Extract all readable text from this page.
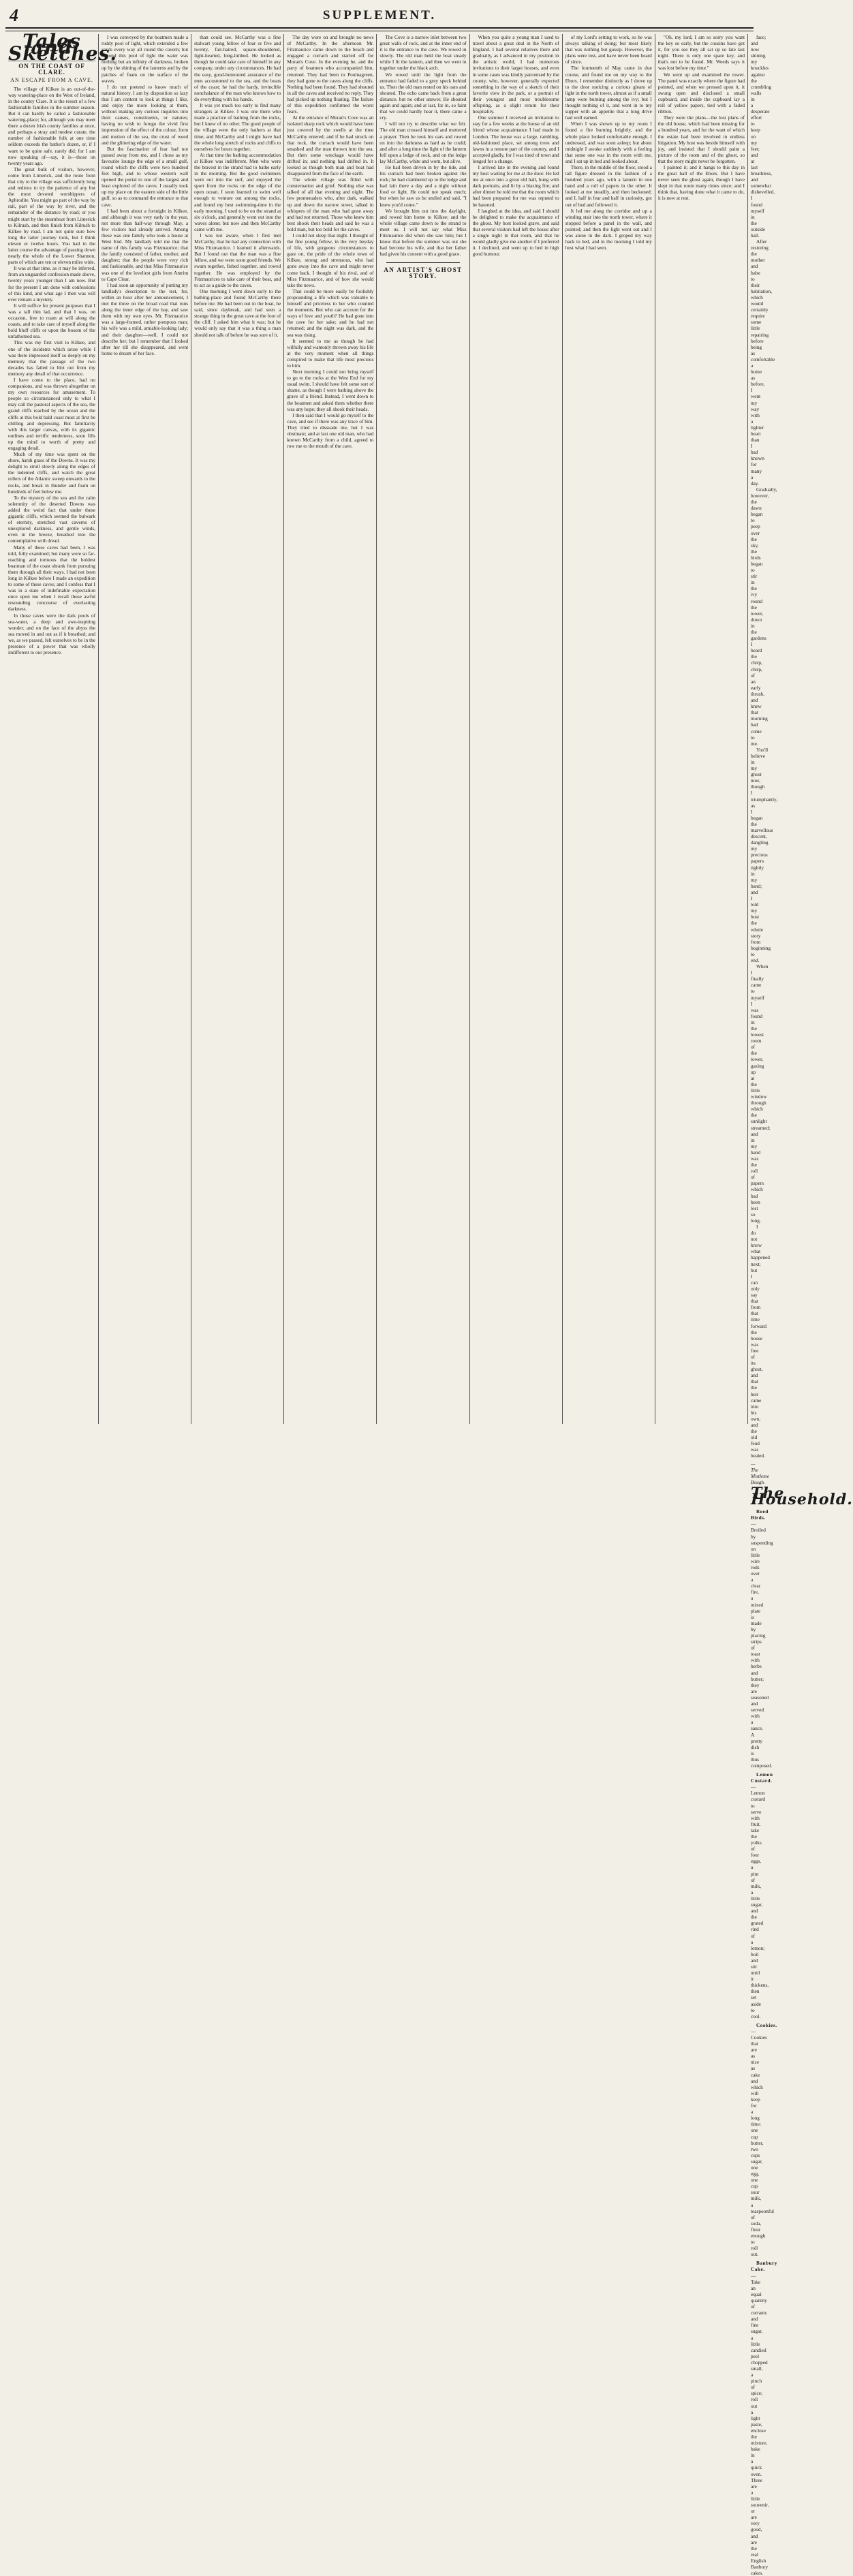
4	SUPPLEMENT.
Tales and Sketches.
ON THE COAST OF CLARE.
AN ESCAPE FROM A CAVE.

The village of Kilkee is an out-of-the-way watering-place on the West of Ireland, in the county Clare. It is the resort of a few fashionable families in the summer season. But it can hardly be called a fashionable watering-place; for, although you may meet there a dozen Irish county families at once, and perhaps a stray and modest curate, the number of fashionable folk at one time seldom exceeds the bather's dozen, or, if I want to be quite safe, rarely did; for I am now speaking of—say, it is—those on twenty years ago.

The great bulk of visitors, however, come from Limerick, and the route from that city to the village was sufficiently long and tedious to try the patience of any but the most devoted worshippers of Aphrodite. You might go part of the way by rail, part of the way by river, and the remainder of the distance by road; or you might start by the steamboat from Limerick to Kilrush, and then finish from Kilrush to Kilkee by road. I am not quite sure how long the latter journey took, but I think eleven or twelve hours. You had in the latter course the advantage of passing down nearly the whole of the Lower Shannon, parts of which are ten or eleven miles wide.

It was at that time, as it may be inferred, from an unguarded confession made above, twenty years younger than I am now. But for the present I am done with confessions of this kind, and what age I then was will ever remain a mystery.

It will suffice for present purposes that I was a tall thin lad, and that I was, on occasion, free to roam at will along the coasts, and to take care of myself along the bold bluff cliffs or upon the bosom of the unfathomed sea.

This was my first visit to Kilkee, and one of the incidents which arose while I was there impressed itself so deeply on my memory that the passage of the two decades has failed to blot out from my memory any detail of that occurrence.

I have come to the place, had no companions, and was thrown altogether on my own resources for amusement. To people so circumstanced only to what I may call the pastoral aspects of the sea, the grand cliffs reached by the ocean and the cliffs at this bold bald coast must at first be chilling and depressing. But familiarity with this larger canvas, with its gigantic outlines and terrific tenderness, soon fills up the mind to worth of pretty and engaging detail.

Much of my time was spent on the shore, harsh grass of the Downs. It was my delight to stroll slowly along the edges of the indented cliffs, and watch the great rollers of the Atlantic sweep onwards to the rocks, and break in thunder and foam on hundreds of feet below me.

To the mystery of the sea and the calm solemnity of the deserted Downs was added the weird fact that under these gigantic cliffs, which seemed the bulwark of eternity, stretched vast caverns of unexplored darkness, and gentle winds, even in the breeze, breathed into the contemplative with dread.

Many of these caves had been, I was told, fully examined; but many were so far-reaching and tortuous that the boldest boatman of the coast shrank from pursuing them through all their ways. I had not been long in Kilkee before I made an expedition to some of these caves; and I confess that I was in a state of indefinable expectation once upon me when I recall those awful resounding concourse of everlasting darkness.

In those caves were the dark pools of sea-water, a deep and awe-inspiring wonder; and on the face of the abyss the sea moved in and out as if it breathed; and we, as we passed, felt ourselves to be in the presence of a power that was wholly indifferent to our presence.

I was conveyed by the boatmen made a ruddy pool of light, which extended a few yards every way all round the cavern; but beyond this pool of light the water was nothing but an infinity of darkness, broken up by the shining of the lanterns and by the patches of foam on the surface of the waves.

I do not pretend to know much of natural history. I am by disposition so lazy that I am content to look at things I like, and enjoy the more looking at them, without making any curious inquiries into their causes, constituents, or natures; having no wish to forego the vivid first impression of the effect of the colour, form and motion of the sea, the crust of weed and the glittering edge of the water.

But the fascination of fear had not passed away from me, and I chose as my favourite lounge the edge of a small gulf, round which the cliffs were two hundred feet high, and to whose western wall opened the portal to one of the largest and least explored of the caves. I usually took up my place on the eastern side of the little gulf, so as to command the entrance to that cave.

I had been about a fortnight in Kilkee, and although it was very early in the year, not more than half-way through May, a few visitors had already arrived. Among these was one family who took a house at West End. My landlady told me that the name of this family was Fitzmaurice; that the family consisted of father, mother, and daughter; that the people were very rich and fashionable, and that Miss Fitzmaurice was one of the loveliest girls from Antrim to Cape Clear.

I had soon an opportunity of putting my landlady's description to the test, for, within an hour after her announcement, I met the three on the broad road that runs along the inner edge of the bay, and saw them with my own eyes. Mr. Fitzmaurice was a large-framed, rather pompous man; his wife was a mild, amiable-looking lady; and their daughter—well, I could not describe her; but I remember that I looked after her till she disappeared, and went home to dream of her face.

than could see. McCarthy was a fine stalwart young fellow of four or five and twenty, fair-haired, square-shouldered, light-hearted, long-limbed. He looked as though he could take care of himself in any company, under any circumstances. He had the easy, good-humoured assurance of the men accustomed to the sea, and the boats of the coast; he had the hardy, invincible nonchalance of the man who knows how to do everything with his hands.

It was yet much too early to find many strangers at Kilkee. I was one there who made a practice of bathing from the rocks, but I knew of no other. The good people of the village were the only bathers at that time; and McCarthy and I might have had the whole long stretch of rocks and cliffs to ourselves for hours together.

At that time the bathing accommodation at Kilkee was indifferent. Men who were the bravest in the strand had to bathe early in the morning. But the good swimmers went out into the surf, and enjoyed the sport from the rocks on the edge of the open ocean. I soon learned to swim well enough to venture out among the rocks, and found my best swimming-time in the early morning. I used to be on the strand at six o'clock, and generally went out into the waves alone; but now and then McCarthy came with me.

I was not aware, when I first met McCarthy, that he had any connection with Miss Fitzmaurice. I learned it afterwards. But I found out that the man was a fine fellow, and we were soon good friends. We swam together, fished together, and rowed together. He was employed by the Fitzmaurices to take care of their boat, and to act as a guide to the caves.

One morning I went down early to the bathing-place and found McCarthy there before me. He had been out in the boat, he said, since daybreak, and had seen a strange thing in the great cave at the foot of the cliff. I asked him what it was; but he would only say that it was a thing a man should not talk of before he was sure of it.

The day wore on and brought no news of McCarthy. In the afternoon Mr. Fitzmaurice came down to the beach and engaged a currach and started off for Moran's Cove. In the evening he, and the party of boatmen who accompanied him, returned. They had been to Poulnagreen, they had gone to the caves along the cliffs. Nothing had been found. They had shouted in all the caves and received no reply. They had picked up nothing floating. The failure of this expedition confirmed the worst fears.

At the entrance of Moran's Cove was an isolated sharp rock which would have been just covered by the swells at the time McCarthy entered; and if he had struck on that rock, the currach would have been smashed and the man thrown into the sea. But then some wreckage would have drifted in; and nothing had drifted in. It looked as though both man and boat had disappeared from the face of the earth.

The whole village was filled with consternation and grief. Nothing else was talked of all that evening and night. The few promenaders who, after dark, walked up and down the narrow street, talked in whispers of the man who had gone away and had not returned. Those who knew him best shook their heads and said he was a bold man, but too bold for the caves.

I could not sleep that night. I thought of the fine young fellow, in the very heyday of life, with gorgeous circumstances to gaze on, the pride of the whole town of Kilkee, strong and strenuous, who had gone away into the cave and might never come back. I thought of his rival, and of Miss Fitzmaurice, and of how she would take the news.

That could be more easily be foolishly propounding a life which was valuable to himself and priceless to her who counted the moments. But who can account for the ways of love and youth? He had gone into the cave for her sake; and he had not returned; and the night was dark, and the sea was rising.

It seemed to me as though he had wilfully and wantonly thrown away his life at the very moment when all things conspired to make that life most precious to him.

Next morning I could not bring myself to go to the rocks at the West End for my usual swim. I should have felt some sort of shame, as though I were bathing above the grave of a friend. Instead, I went down to the boatmen and asked them whether there was any hope; they all shook their heads.

I then said that I would go myself to the cave, and see if there was any trace of him. They tried to dissuade me, but I was obstinate; and at last one old man, who had known McCarthy from a child, agreed to row me to the mouth of the cave.

The Cove is a narrow inlet between two great walls of rock, and at the inner end of it is the entrance to the cave. We rowed in slowly. The old man held the boat steady while I lit the lantern, and then we went in together under the black arch.

We rowed until the light from the entrance had faded to a grey speck behind us. Then the old man rested on his oars and shouted. The echo came back from a great distance, but no other answer. He shouted again and again; and at last, far in, so faint that we could hardly hear it, there came a cry.

I will not try to describe what we felt. The old man crossed himself and muttered a prayer. Then he took his oars and rowed on into the darkness as hard as he could; and after a long time the light of the lantern fell upon a ledge of rock, and on the ledge lay McCarthy, white and worn, but alive.

He had been driven in by the tide, and his currach had been broken against the rock; he had clambered up to the ledge and had lain there a day and a night without food or light. He could not speak much; but when he saw us he smiled and said, "I knew you'd come."

We brought him out into the daylight, and rowed him home to Kilkee; and the whole village came down to the strand to meet us. I will not say what Miss Fitzmaurice did when she saw him; but I know that before the summer was out she had become his wife, and that her father had given his consent with a good grace.

AN ARTIST'S GHOST STORY.

When you quite a young man I used to travel about a great deal in the North of England. I had several relatives there and gradually, as I advanced in my position in the artistic world, I had numerous invitations to their larger houses, and even in some cases was kindly patronised by the county, who, however, generally expected something in the way of a sketch of their favorite view in the park, or a portrait of their youngest and most troublesome offspring, as a slight return for their hospitality.

One summer I received an invitation to stay for a few weeks at the house of an old friend whose acquaintance I had made in London. The house was a large, rambling, old-fashioned place, set among trees and lawns in a remote part of the country, and I accepted gladly, for I was tired of town and longed for a change.

I arrived late in the evening and found my host waiting for me at the door. He led me at once into a great old hall, hung with dark portraits, and lit by a blazing fire; and after dinner he told me that the room which had been prepared for me was reputed to be haunted.

I laughed at the idea, and said I should be delighted to make the acquaintance of the ghost. My host looked grave, and said that several visitors had left the house after a single night in that room, and that he would gladly give me another if I preferred it. I declined, and went up to bed in high good humour.

of my Lord's setting to work, so he was always talking of doing; but most likely that was nothing but gossip. However, the plans were lost, and have never been heard of since.

The fourteenth of May came in due course, and found me on my way to the Ebors. I remember distinctly as I drove up to the door noticing a curious gleam of light in the north tower, almost as if a small lamp were burning among the ivy; but I thought nothing of it, and went in to my supper with an appetite that a long drive had well earned.

When I was shown up to my room I found a fire burning brightly, and the whole place looked comfortable enough. I undressed, and was soon asleep; but about midnight I awoke suddenly with a feeling that some one was in the room with me, and I sat up in bed and looked about.

There, in the middle of the floor, stood a tall figure dressed in the fashion of a hundred years ago, with a lantern in one hand and a roll of papers in the other. It looked at me steadily, and then beckoned; and I, half in fear and half in curiosity, got out of bed and followed it.

It led me along the corridor and up a winding stair into the north tower, where it stopped before a panel in the wall, and pointed; and then the light went out and I was alone in the dark. I groped my way back to bed, and in the morning I told my host what I had seen.

"Oh, my lord, I am so sorry you want the key so early, but the cousins have got it, for you see they all sat up so late last night. There is only one spare key, and that's not to be found. Mr. Weeds says it was lost before my time."

We went up and examined the tower. The panel was exactly where the figure had pointed, and when we pressed upon it, it swung open and disclosed a small cupboard, and inside the cupboard lay a roll of yellow papers, tied with a faded ribbon.

They were the plans—the lost plans of the old house, which had been missing for a hundred years, and for the want of which the estate had been involved in endless litigation. My host was beside himself with joy, and insisted that I should paint a picture of the room and of the ghost, so that the story might never be forgotten.

I painted it; and it hangs to this day in the great hall of the Ebors. But I have never seen the ghost again, though I have slept in that room many times since; and I think that, having done what it came to do, it is now at rest.

face; and now shining my knuckles against the crumbling walls in a desperate effort to keep on my feet; and at last breathless, and somewhat dishevelled, I found myself in the outside hall.

After restoring the mother and babe to their habitation, which would certainly require some little repairing before being as comfortable a home as before, I went my way with a lighter heart than I had known for many a day.

Gradually, however, the dawn began to peep over the sky, the birds began to stir in the ivy round the tower, down in the gardens I heard the chirp, chirp, of an early thrush, and knew that morning had come to me.

You'll believe in my ghost now, though I triumphantly, as I began the marvellous descent, dangling my precious papers tightly in my hand; and I told my host the whole story from beginning to end.

When I finally came to myself I was found in the lowest room of the tower, gazing up at the little window through which the sunlight streamed; and in my hand was the roll of papers which had been lost so long.

I do not know what happened next; but I can only say that from that time forward the house was free of its ghost, and that the heir came into his own, and the old feud was healed.

—The Mistletoe Bough.
The Household.

Reed Birds.—Broiled by suspending on little wire rods over a clear fire, a mixed plate is made by placing strips of toast with herbs and butter; they are seasoned and served with a sauce. A pretty dish is thus composed.

Lemon Custard.—Lemon custard to serve with fruit, take the yolks of four eggs, a pint of milk, a little sugar, and the grated rind of a lemon; boil and stir until it thickens, then set aside to cool.

Cookies.—Cookies that are as nice as cake and which will keep for a long time: one cup butter, two cups sugar, one egg, one cup sour milk, a teaspoonful of soda, flour enough to roll out.

Banbury Cake.—Take an equal quantity of currants and fine sugar, a little candied peel chopped small, a pinch of spice; roll out a light paste, enclose the mixture, bake in a quick oven. Three are a little souvenir, or are very good, and are the real English Banbury cakes.
